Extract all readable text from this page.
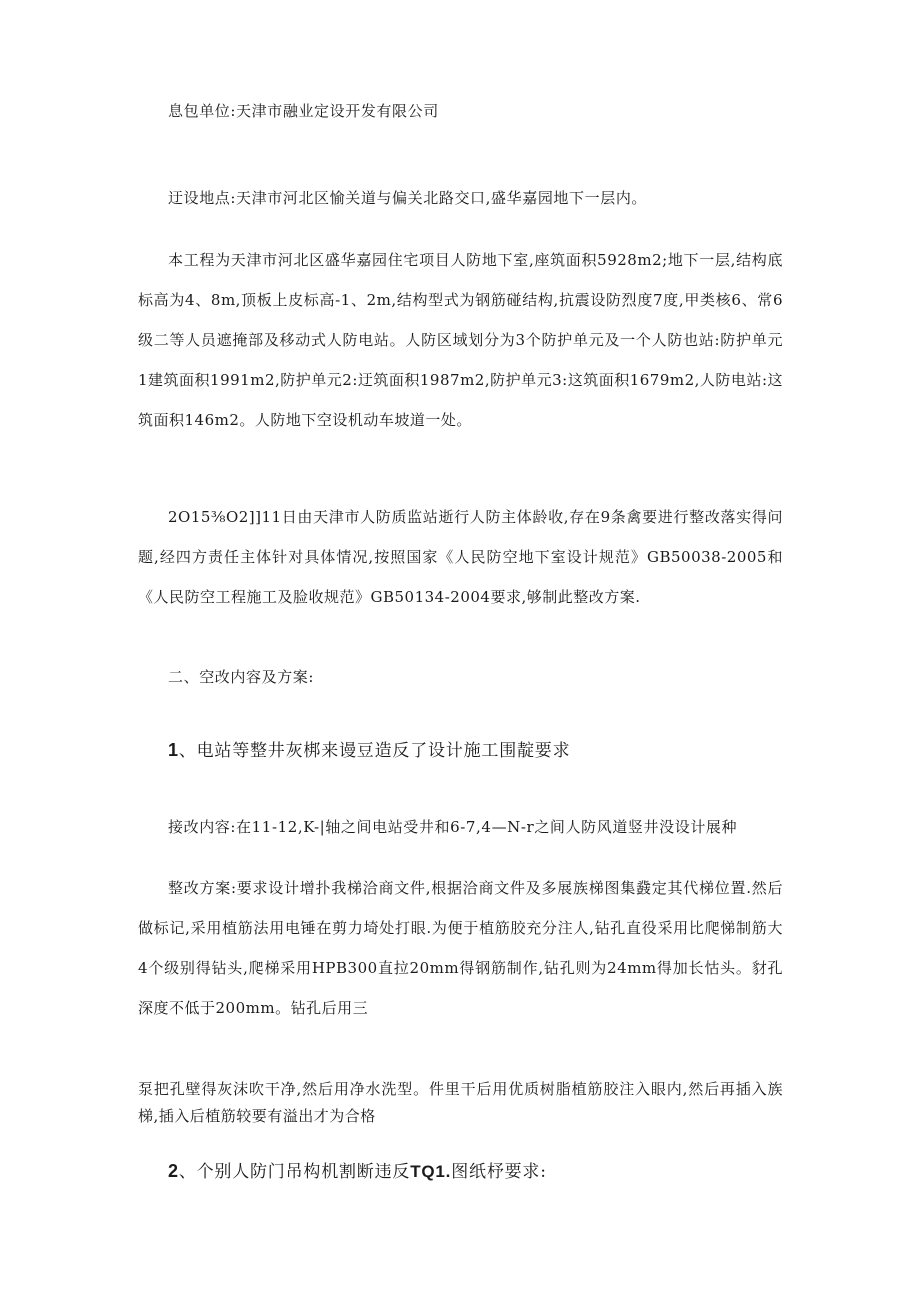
息包单位:天津市融业定设开发有限公司
迂设地点:天津市河北区愉关道与偏关北路交口,盛华嘉园地下一层内。
本工程为天津市河北区盛华嘉园住宅项目人防地下室,座筑面积5928m2;地下一层,结构底标高为4、8m,顶板上皮标高-1、2m,结构型式为钢筋碰结构,抗震设防烈度7度,甲类核6、常6级二等人员遮掩部及移动式人防电站。人防区域划分为3个防护单元及一个人防也站:防护单元1建筑面积1991m2,防护单元2:迂筑面积1987m2,防护单元3:这筑面积1679m2,人防电站:这筑面积146m2。人防地下空设机动车坡道一处。
2O15⅜O2]]11日由天津市人防质监站逝行人防主体龄收,存在9条禽要进行整改落实得问题,经四方责任主体针对具体情况,按照国家《人民防空地下室设计规范》GB50038-2005和《人民防空工程施工及脸收规范》GB50134-2004要求,够制此整改方案.
二、空改内容及方案:
1、电站等整井灰梆来谩豆造反了设计施工围靛要求
接改内容:在11-12,K-|轴之间电站受井和6-7,4—N-r之间人防风道竖井没设计展种
整改方案:要求设计增扑我梯洽商文件,根据洽商文件及多展族梯图集鼗定其代梯位置.然后做标记,采用植筋法用电锤在剪力埼处打眼.为便于植筋胶充分注人,钻孔直役采用比爬悌制筋大4个级别得钻头,爬梯采用HPB300直拉20mm得钢筋制作,钻孔则为24mm得加长怙头。豺孔深度不低于200mm。钻孔后用三
泵把孔壁得灰沫吹干净,然后用净水洗型。件里干后用优质树脂植筋胶注入眼内,然后再插入族梯,插入后植筋较要有溢出才为合格
2、个别人防门吊构机割断违反TQ1.图纸杼要求:
